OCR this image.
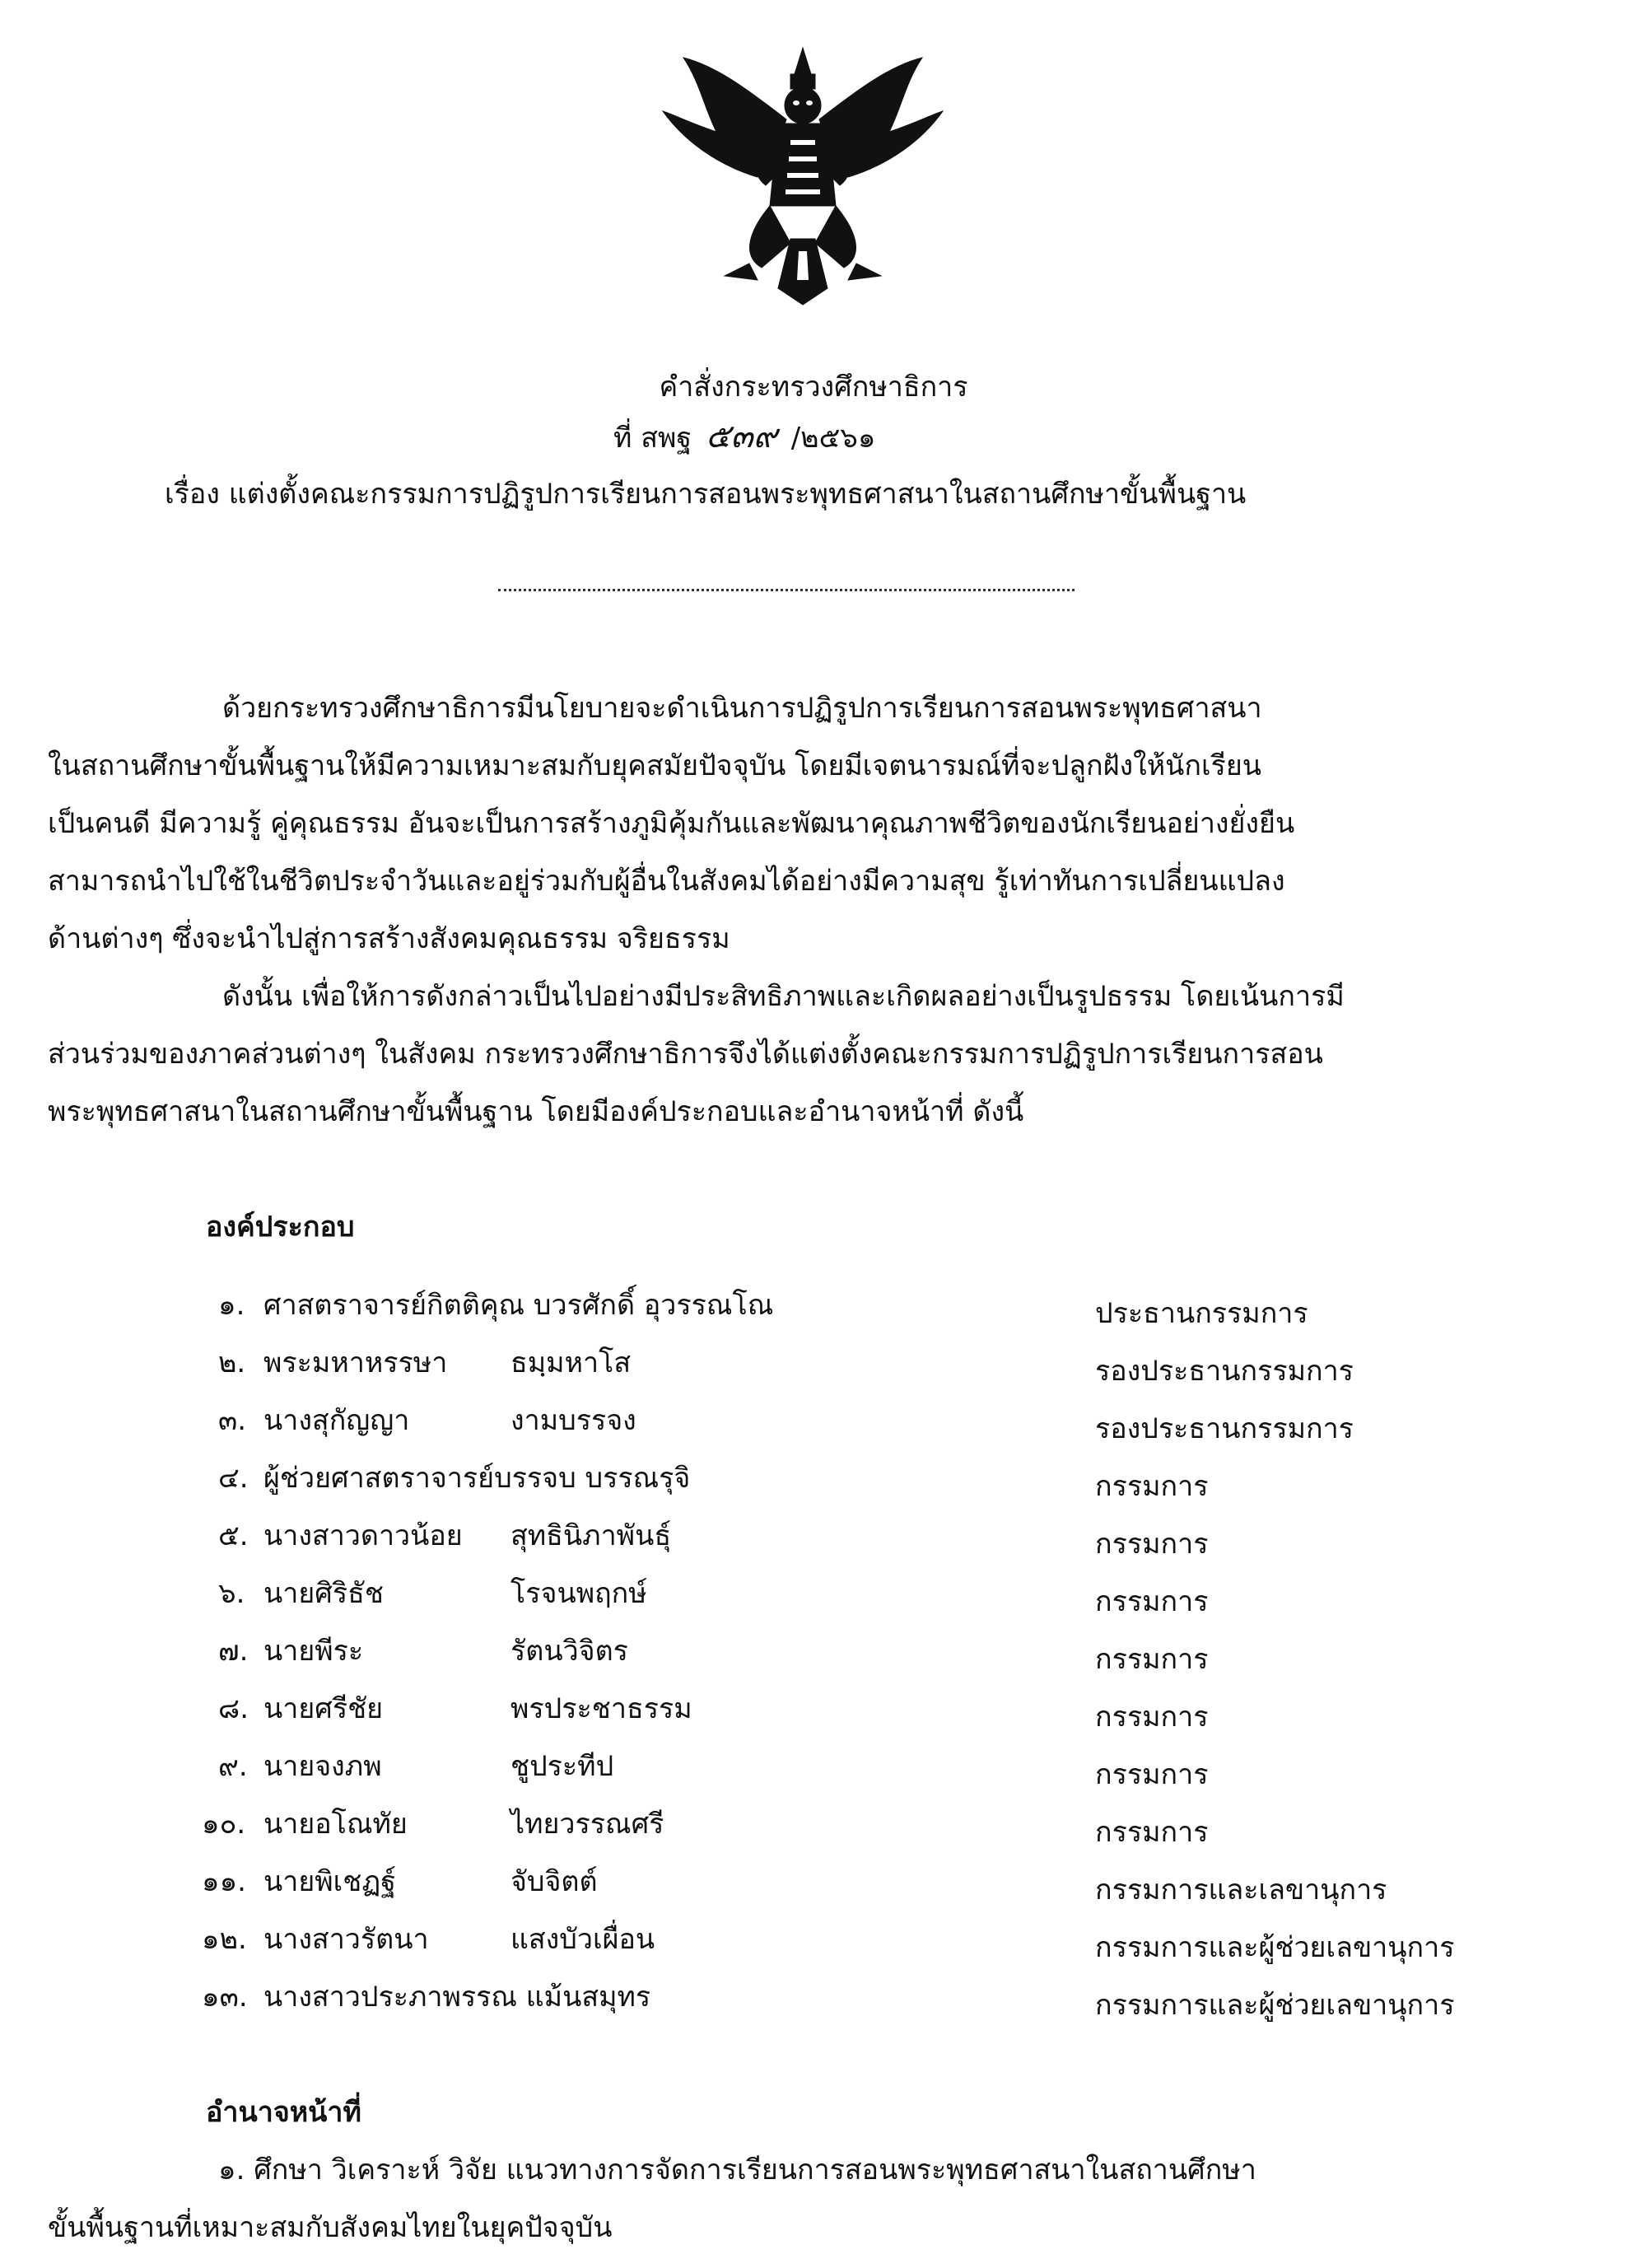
คำสั่งกระทรวงศึกษาธิการ
ที่ สพฐ ๕๓๙ /๒๕๖๑
เรื่อง แต่งตั้งคณะกรรมการปฏิรูปการเรียนการสอนพระพุทธศาสนาในสถานศึกษาขั้นพื้นฐาน
ด้วยกระทรวงศึกษาธิการมีนโยบายจะดำเนินการปฏิรูปการเรียนการสอนพระพุทธศาสนา
ในสถานศึกษาขั้นพื้นฐานให้มีความเหมาะสมกับยุคสมัยปัจจุบัน โดยมีเจตนารมณ์ที่จะปลูกฝังให้นักเรียน
เป็นคนดี มีความรู้ คู่คุณธรรม อันจะเป็นการสร้างภูมิคุ้มกันและพัฒนาคุณภาพชีวิตของนักเรียนอย่างยั่งยืน
สามารถนำไปใช้ในชีวิตประจำวันและอยู่ร่วมกับผู้อื่นในสังคมได้อย่างมีความสุข รู้เท่าทันการเปลี่ยนแปลง
ด้านต่างๆ ซึ่งจะนำไปสู่การสร้างสังคมคุณธรรม จริยธรรม
ดังนั้น เพื่อให้การดังกล่าวเป็นไปอย่างมีประสิทธิภาพและเกิดผลอย่างเป็นรูปธรรม โดยเน้นการมี
ส่วนร่วมของภาคส่วนต่างๆ ในสังคม กระทรวงศึกษาธิการจึงได้แต่งตั้งคณะกรรมการปฏิรูปการเรียนการสอน
พระพุทธศาสนาในสถานศึกษาขั้นพื้นฐาน โดยมีองค์ประกอบและอำนาจหน้าที่ ดังนี้
องค์ประกอบ
๑. ศาสตราจารย์กิตติคุณ บวรศักดิ์ อุวรรณโณ	ประธานกรรมการ
๒. พระมหาหรรษา ธมฺมหาโส	รองประธานกรรมการ
๓. นางสุกัญญา	งามบรรจง	รองประธานกรรมการ
๔. ผู้ช่วยศาสตราจารย์บรรจบ บรรณรุจิ	กรรมการ
๕. นางสาวดาวน้อย สุทธินิภาพันธุ์	กรรมการ
๖. นายศิริธัช	โรจนพฤกษ์	กรรมการ
๗. นายพีระ	รัตนวิจิตร	กรรมการ
๘. นายศรีชัย	พรประชาธรรม	กรรมการ
๙. นายจงภพ	ชูประทีป	กรรมการ
๑๐. นายอโณทัย	ไทยวรรณศรี	กรรมการ
๑๑. นายพิเชฏฐ์	จับจิตต์	กรรมการและเลขานุการ
๑๒. นางสาวรัตนา	แสงบัวเผื่อน	กรรมการและผู้ช่วยเลขานุการ
๑๓. นางสาวประภาพรรณ แม้นสมุทร	กรรมการและผู้ช่วยเลขานุการ
อำนาจหน้าที่
๑. ศึกษา วิเคราะห์ วิจัย แนวทางการจัดการเรียนการสอนพระพุทธศาสนาในสถานศึกษา
ขั้นพื้นฐานที่เหมาะสมกับสังคมไทยในยุคปัจจุบัน
